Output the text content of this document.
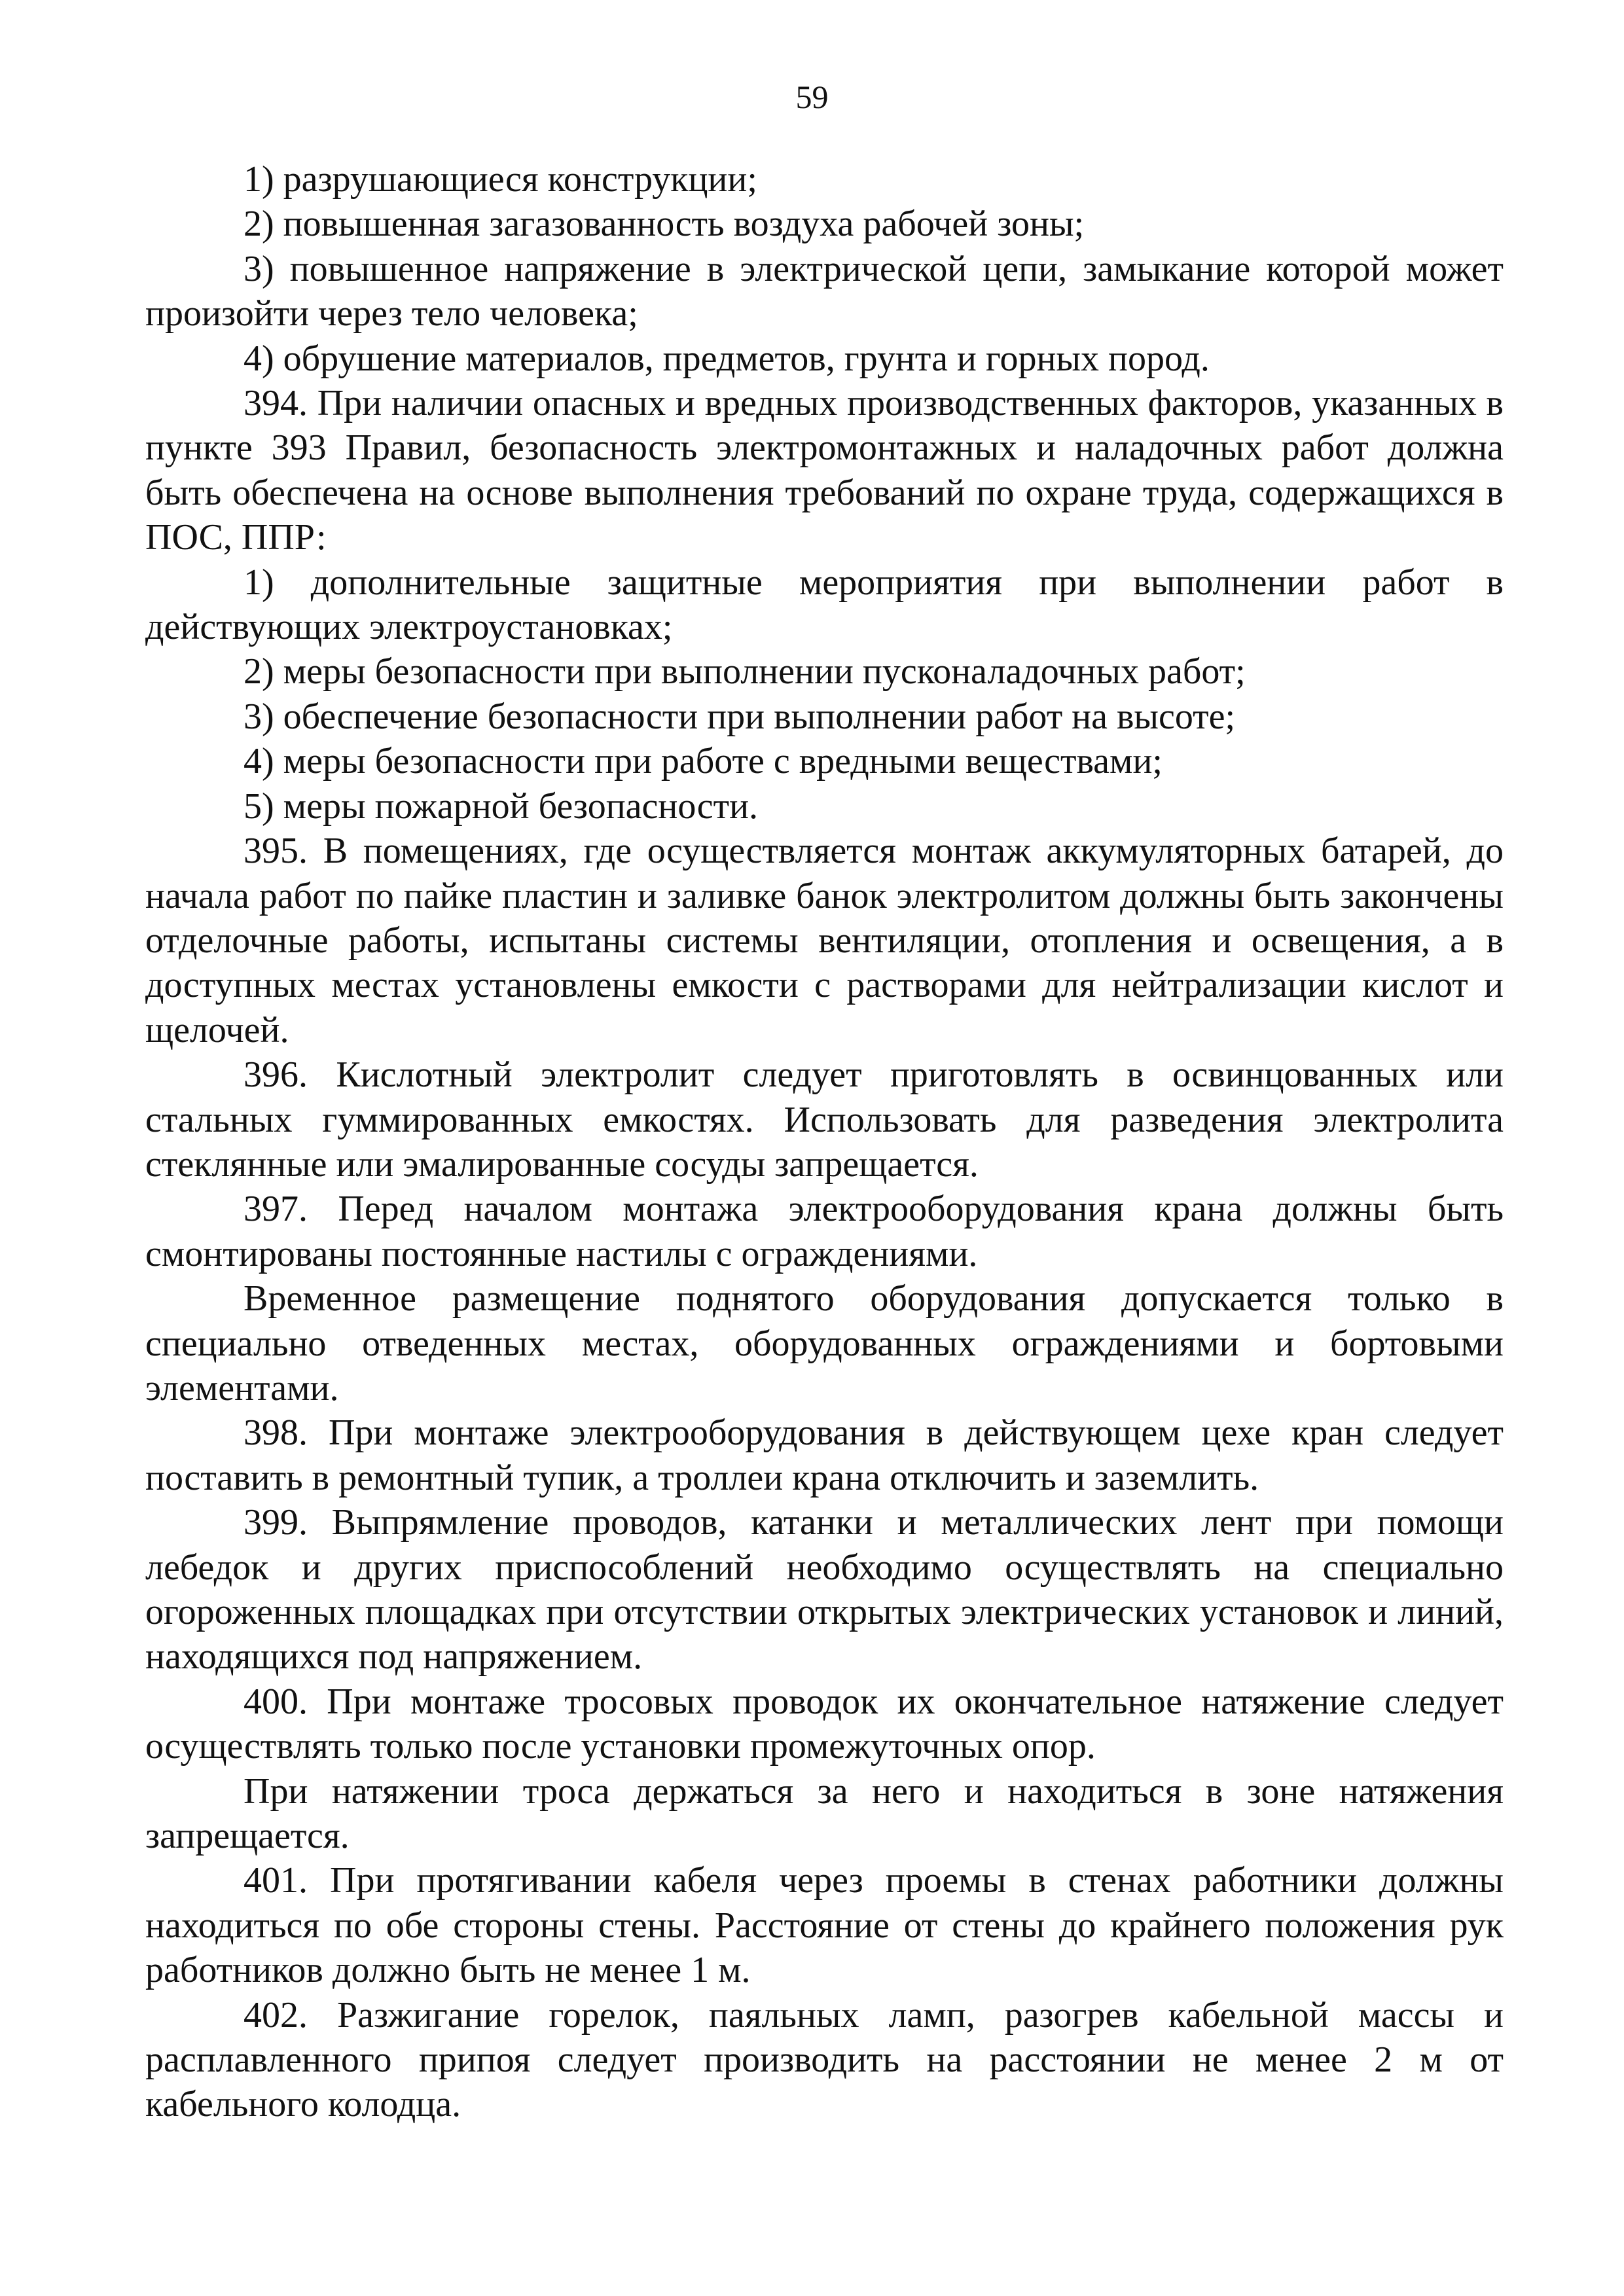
59

1) разрушающиеся конструкции;

2) повышенная загазованность воздуха рабочей зоны;

3) повышенное напряжение в электрической цепи, замыкание которой может произойти через тело человека;

4) обрушение материалов, предметов, грунта и горных пород.

394. При наличии опасных и вредных производственных факторов, указанных в пункте 393 Правил, безопасность электромонтажных и наладочных работ должна быть обеспечена на основе выполнения требований по охране труда, содержащихся в ПОС, ППР:

1) дополнительные защитные мероприятия при выполнении работ в действующих электроустановках;

2) меры безопасности при выполнении пусконаладочных работ;

3) обеспечение безопасности при выполнении работ на высоте;

4) меры безопасности при работе с вредными веществами;

5) меры пожарной безопасности.

395. В помещениях, где осуществляется монтаж аккумуляторных батарей, до начала работ по пайке пластин и заливке банок электролитом должны быть закончены отделочные работы, испытаны системы вентиляции, отопления и освещения, а в доступных местах установлены емкости с растворами для нейтрализации кислот и щелочей.

396. Кислотный электролит следует приготовлять в освинцованных или стальных гуммированных емкостях. Использовать для разведения электролита стеклянные или эмалированные сосуды запрещается.

397. Перед началом монтажа электрооборудования крана должны быть смонтированы постоянные настилы с ограждениями.

Временное размещение поднятого оборудования допускается только в специально отведенных местах, оборудованных ограждениями и бортовыми элементами.

398. При монтаже электрооборудования в действующем цехе кран следует поставить в ремонтный тупик, а троллеи крана отключить и заземлить.

399. Выпрямление проводов, катанки и металлических лент при помощи лебедок и других приспособлений необходимо осуществлять на специально огороженных площадках при отсутствии открытых электрических установок и линий, находящихся под напряжением.

400. При монтаже тросовых проводок их окончательное натяжение следует осуществлять только после установки промежуточных опор.

При натяжении троса держаться за него и находиться в зоне натяжения запрещается.

401. При протягивании кабеля через проемы в стенах работники должны находиться по обе стороны стены. Расстояние от стены до крайнего положения рук работников должно быть не менее 1 м.

402. Разжигание горелок, паяльных ламп, разогрев кабельной массы и расплавленного припоя следует производить на расстоянии не менее 2 м от кабельного колодца.
